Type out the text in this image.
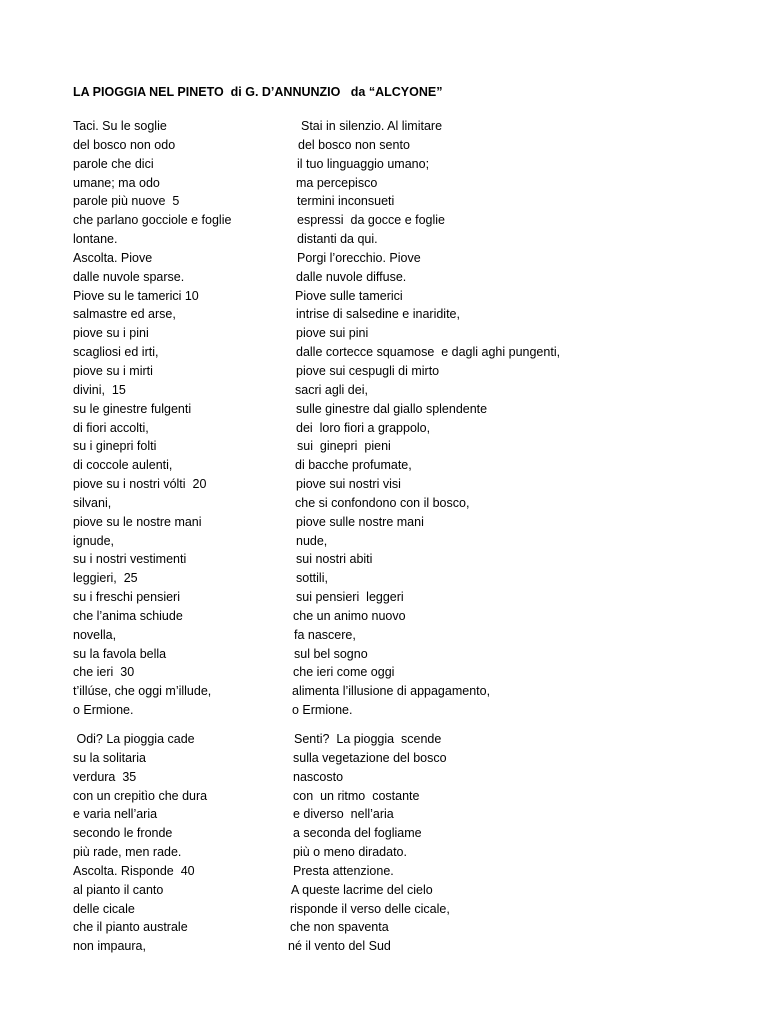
LA PIOGGIA NEL PINETO  di G. D’ANNUNZIO   da “ALCYONE”
Taci. Su le soglie	Stai in silenzio. Al limitare
del bosco non odo	del bosco non sento
parole che dici	il tuo linguaggio umano;
umane; ma odo	ma percepisco
parole più nuove  5	termini inconsueti
che parlano gocciole e foglie	espressi  da gocce e foglie
lontane.	distanti da qui.
Ascolta. Piove	Porgi l’orecchio. Piove
dalle nuvole sparse.	dalle nuvole diffuse.
Piove su le tamerici 10	Piove sulle tamerici
salmastre ed arse,	intrise di salsedine e inaridite,
piove su i pini	piove sui pini
scagliosi ed irti,	dalle cortecce squamose  e dagli aghi pungenti,
piove su i mirti	piove sui cespugli di mirto
divini,  15	sacri agli dei,
su le ginestre fulgenti	sulle ginestre dal giallo splendente
di fiori accolti,	dei  loro fiori a grappolo,
su i ginepri folti	sui  ginepri  pieni
di coccole aulenti,	di bacche profumate,
piove su i nostri vólti  20	piove sui nostri visi
silvani,	che si confondono con il bosco,
piove su le nostre mani	piove sulle nostre mani
ignude,	nude,
su i nostri vestimenti	sui nostri abiti
leggieri,  25	sottili,
su i freschi pensieri	sui pensieri  leggeri
che l’anima schiude	che un animo nuovo
novella,	fa nascere,
su la favola bella	sul bel sogno
che ieri  30	che ieri come oggi
t’illúse, che oggi m’illude,	alimenta l’illusione di appagamento,
o Ermione.	o Ermione.
Odi? La pioggia cade	Senti?  La pioggia  scende
su la solitaria	sulla vegetazione del bosco
verdura  35	nascosto
con un crepitìo che dura	con  un ritmo  costante
e varia nell’aria	e diverso  nell’aria
secondo le fronde	a seconda del fogliame
più rade, men rade.	più o meno diradato.
Ascolta. Risponde  40	Presta attenzione.
al pianto il canto	A queste lacrime del cielo
delle cicale	risponde il verso delle cicale,
che il pianto australe	che non spaventa
non impaura,	né il vento del Sud
